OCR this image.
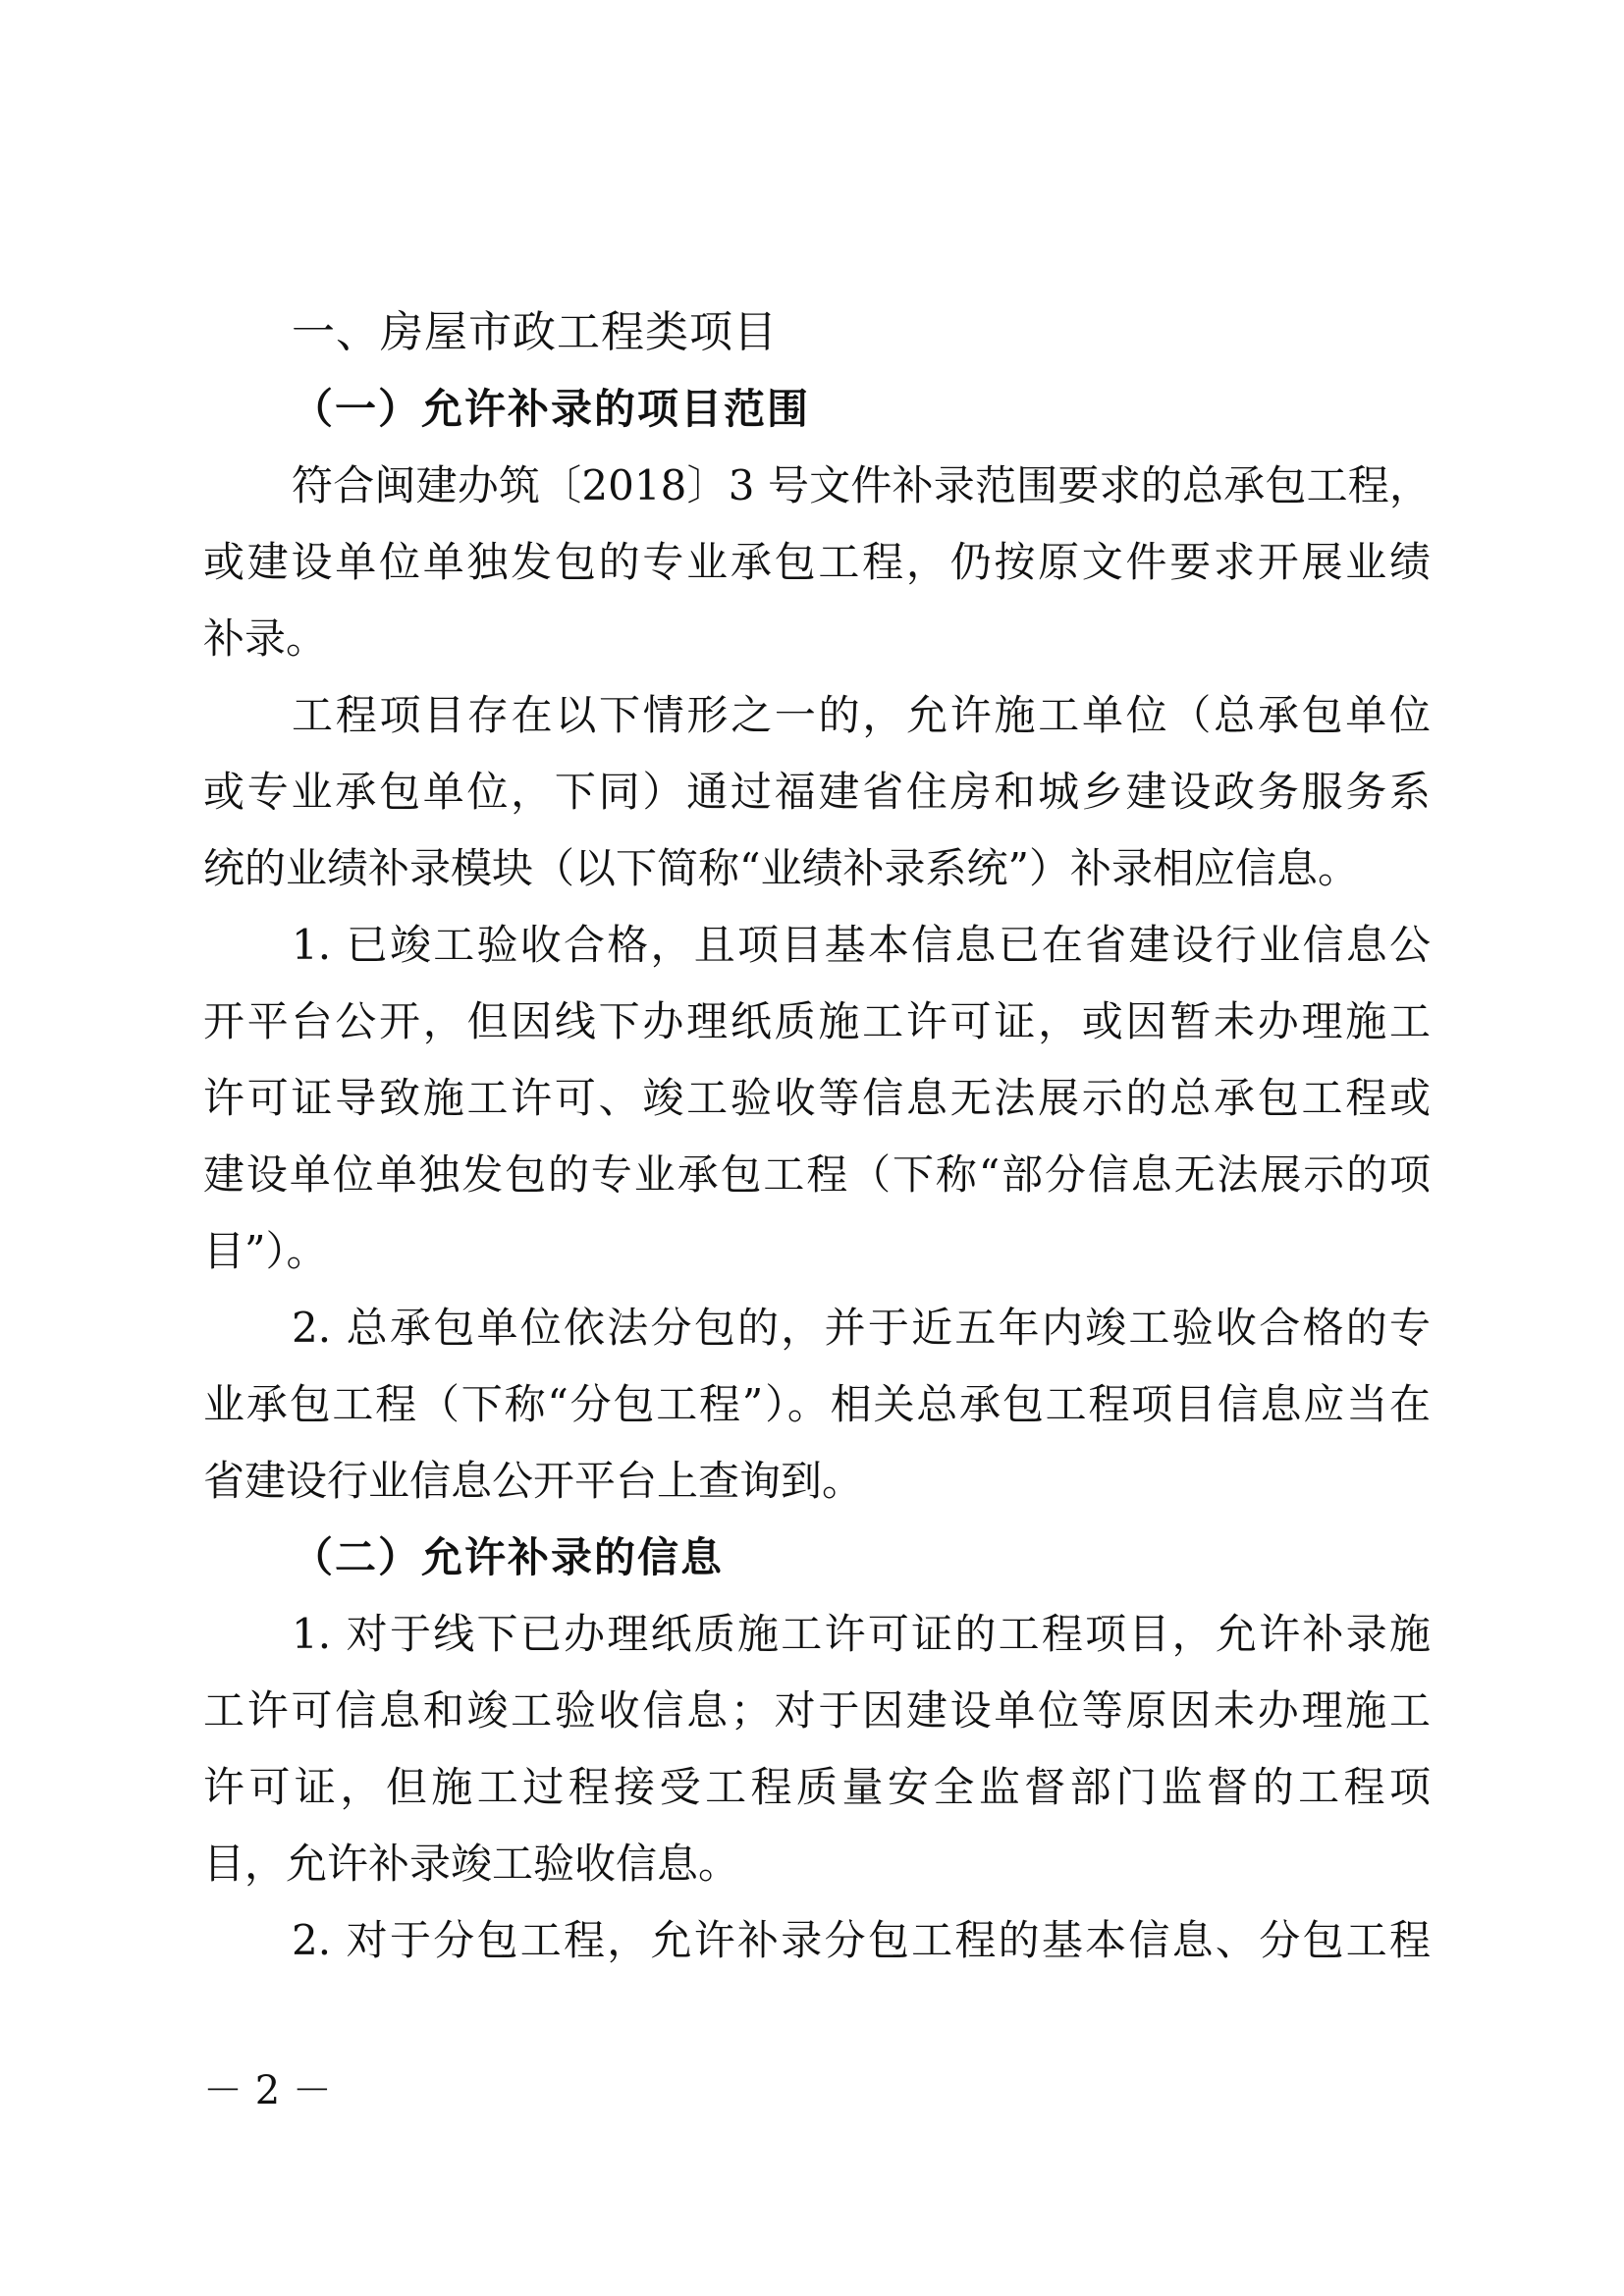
一、房屋市政工程类项目
（一）允许补录的项目范围
符合闽建办筑〔2018〕3 号文件补录范围要求的总承包工程，
或建设单位单独发包的专业承包工程，仍按原文件要求开展业绩
补录。
工程项目存在以下情形之一的，允许施工单位（总承包单位
或专业承包单位，下同）通过福建省住房和城乡建设政务服务系
统的业绩补录模块（以下简称“业绩补录系统”）补录相应信息。
1. 已竣工验收合格，且项目基本信息已在省建设行业信息公
开平台公开，但因线下办理纸质施工许可证，或因暂未办理施工
许可证导致施工许可、竣工验收等信息无法展示的总承包工程或
建设单位单独发包的专业承包工程（下称“部分信息无法展示的项
目”）。
2. 总承包单位依法分包的，并于近五年内竣工验收合格的专
业承包工程（下称“分包工程”）。相关总承包工程项目信息应当在
省建设行业信息公开平台上查询到。
（二）允许补录的信息
1. 对于线下已办理纸质施工许可证的工程项目，允许补录施
工许可信息和竣工验收信息；对于因建设单位等原因未办理施工
许可证，但施工过程接受工程质量安全监督部门监督的工程项
目，允许补录竣工验收信息。
2. 对于分包工程，允许补录分包工程的基本信息、分包工程
－ 2 －
